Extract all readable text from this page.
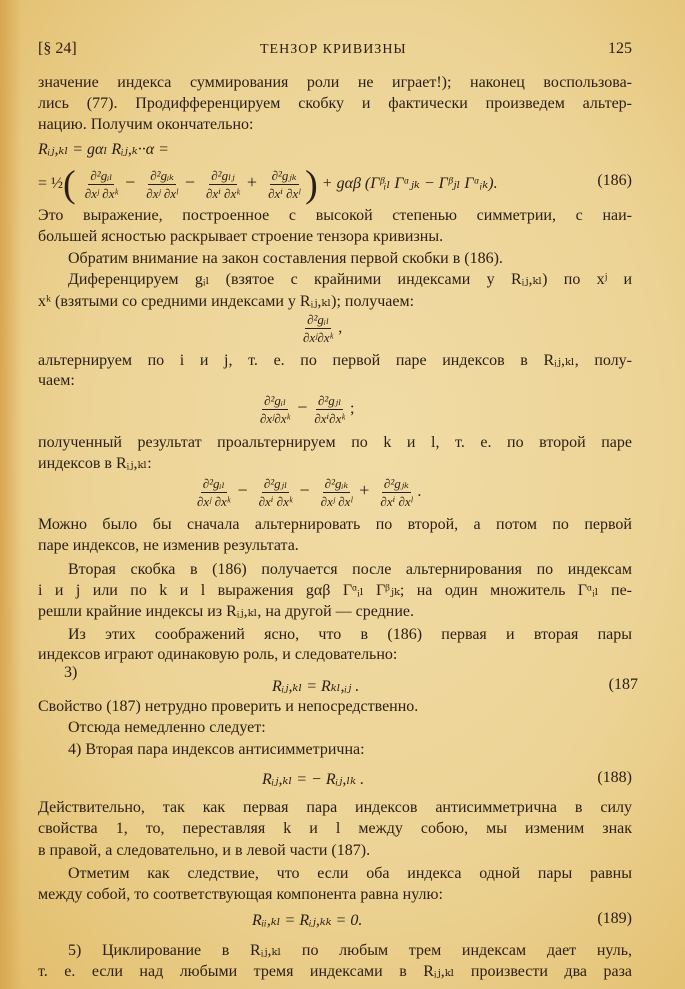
[§ 24]	ТЕНЗОР КРИВИЗНЫ	125
значение индекса суммирования роли не играет!); наконец воспользова-
лись (77). Продифференцируем скобку и фактически произведем альтер-
нацию. Получим окончательно:
Rᵢⱼ,ₖₗ = gαₗ Rᵢⱼ,ₖ··α =
= ½( $\frac{\text{∂²gᵢₗ}}{\text{∂xʲ ∂xᵏ}} - \frac{\text{∂²gᵢₖ}}{\text{∂xʲ ∂xˡ}} - \frac{\text{∂²gₗⱼ}}{\text{∂xⁱ ∂xᵏ}} + \frac{\text{∂²gⱼₖ}}{\text{∂xⁱ ∂xˡ}}$ ) + gαβ (Γᵝᵢₗ Γᵅⱼₖ − Γᵝⱼₗ Γᵅᵢₖ).	(186)
Это выражение, построенное с высокой степенью симметрии, с наи-
большей ясностью раскрывает строение тензора кривизны.
Обратим внимание на закон составления первой скобки в (186).
Диференцируем gᵢₗ (взятое с крайними индексами у Rᵢⱼ,ₖₗ) по xʲ и
xᵏ (взятыми со средними индексами у Rᵢⱼ,ₖₗ); получаем:
$\frac{\text{∂²gᵢₗ}}{\text{∂xʲ∂xᵏ}}$ ,
альтернируем по i и j, т. е. по первой паре индексов в Rᵢⱼ,ₖₗ, полу-
чаем:
$\frac{\text{∂²gᵢₗ}}{\text{∂xʲ∂xᵏ}} - \frac{\text{∂²gⱼₗ}}{\text{∂xⁱ∂xᵏ}}$ ;
полученный результат проальтернируем по k и l, т. е. по второй паре
индексов в Rᵢⱼ,ₖₗ:
$\frac{\text{∂²gᵢₗ}}{\text{∂xʲ ∂xᵏ}} - \frac{\text{∂²gⱼₗ}}{\text{∂xⁱ ∂xᵏ}} - \frac{\text{∂²gᵢₖ}}{\text{∂xʲ ∂xˡ}} + \frac{\text{∂²gⱼₖ}}{\text{∂xⁱ ∂xˡ}}$ .
Можно было бы сначала альтернировать по второй, а потом по первой
паре индексов, не изменив результата.
Вторая скобка в (186) получается после альтернирования по индексам
i и j или по k и l выражения gαβ Γᵅᵢₗ Γᵝⱼₖ; на один множитель Γᵅᵢₗ пе-
решли крайние индексы из Rᵢⱼ,ₖₗ, на другой — средние.
Из этих соображений ясно, что в (186) первая и вторая пары
индексов играют одинаковую роль, и следовательно:
3)
Rᵢⱼ,ₖₗ = Rₖₗ,ᵢⱼ .	(187
Свойство (187) нетрудно проверить и непосредственно.
Отсюда немедленно следует:
4) Вторая пара индексов антисимметрична:
Rᵢⱼ,ₖₗ = − Rᵢⱼ,ₗₖ .	(188)
Действительно, так как первая пара индексов антисимметрична в силу
свойства 1, то, переставляя k и l между собою, мы изменим знак
в правой, а следовательно, и в левой части (187).
Отметим как следствие, что если оба индекса одной пары равны
между собой, то соответствующая компонента равна нулю:
Rᵢᵢ,ₖₗ = Rᵢⱼ,ₖₖ = 0.	(189)
5) Циклирование в Rᵢⱼ,ₖₗ по любым трем индексам дает нуль,
т. е. если над любыми тремя индексами в Rᵢⱼ,ₖₗ произвести два раза
